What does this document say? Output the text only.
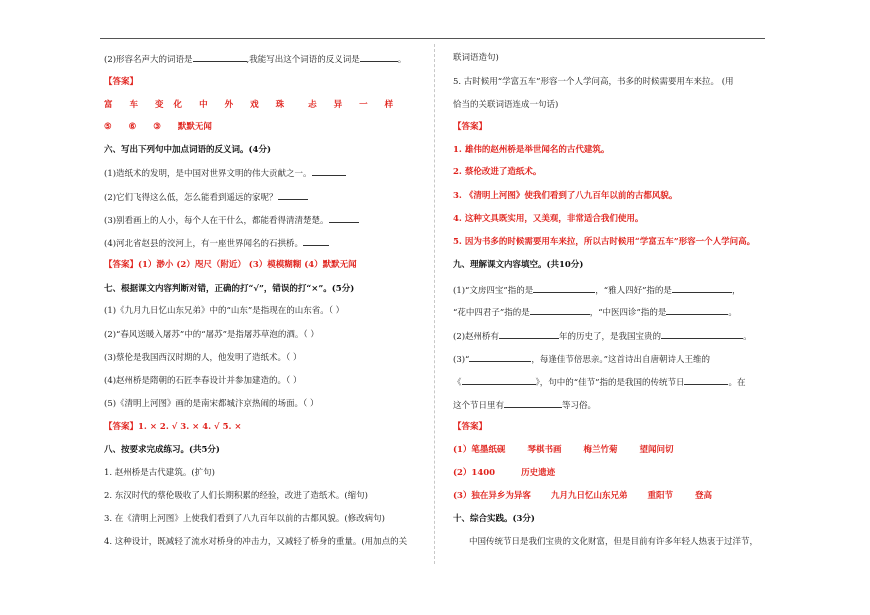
(2)形容名声大的词语是	,我能写出这个词语的反义词是	。
【答案】
富 车 变 化 中 外 戏 珠	忐 异 一 样
⑤ ⑥ ③ 默默无闻
六、写出下列句中加点词语的反义词。(4分)
(1)造纸术的发明，是中国对世界文明的伟大贡献之一。
(2)它们飞得这么低，怎么能看到遥远的家呢？
(3)别看画上的人小，每个人在干什么，都能看得清清楚楚。
(4)河北省赵县的洨河上，有一座世界闻名的石拱桥。
【答案】(1）渺小 (2）咫尺（附近） (3）模模糊糊 (4）默默无闻
七、根据课文内容判断对错，正确的打“√”，错误的打“×”。(5分)
(1)《九月九日忆山东兄弟》中的“山东”是指现在的山东省。（ ）
(2)“春风送暖入屠苏”中的“屠苏”是指屠苏草泡的酒。（ ）
(3)蔡伦是我国西汉时期的人，他发明了造纸术。（ ）
(4)赵州桥是隋朝的石匠李春设计并参加建造的。（ ）
(5)《清明上河图》画的是南宋都城汴京热闹的场面。（ ）
【答案】1. × 2. √ 3. × 4. √ 5. ×
八、按要求完成练习。(共5分)
1. 赵州桥是古代建筑。(扩句)
2. 东汉时代的蔡伦吸收了人们长期积累的经验，改进了造纸术。(缩句)
3. 在《清明上河图》上使我们看到了八九百年以前的古都风貌。(修改病句)
4. 这种设计，既减轻了流水对桥身的冲击力，又减轻了桥身的重量。(用加点的关
联词语造句)
5. 古时候用“学富五车”形容一个人学问高，书多的时候需要用车来拉。 (用
恰当的关联词语连成一句话)
【答案】
1. 雄伟的赵州桥是举世闻名的古代建筑。
2. 蔡伦改进了造纸术。
3. 《清明上河图》使我们看到了八九百年以前的古都风貌。
4. 这种文具既实用，又美观，非常适合我们使用。
5. 因为书多的时候需要用车来拉，所以古时候用“学富五车”形容一个人学问高。
九、理解课文内容填空。(共10分)
(1)“文房四宝”指的是	，“雅人四好”指的是	，
“花中四君子”指的是	，“中医四诊”指的是	。
(2)赵州桥有	年的历史了，是我国宝贵的	。
(3)“	，每逢佳节倍思亲。”这首诗出自唐朝诗人王维的
《	》，句中的“佳节”指的是我国的传统节日	。在
这个节日里有	等习俗。
【答案】
(1）笔墨纸砚	琴棋书画	梅兰竹菊	望闻问切
(2）1400	历史遗迹
(3）独在异乡为异客 九月九日忆山东兄弟 重阳节	登高
十、综合实践。(3分)
中国传统节日是我们宝贵的文化财富，但是目前有许多年轻人热衷于过洋节，
